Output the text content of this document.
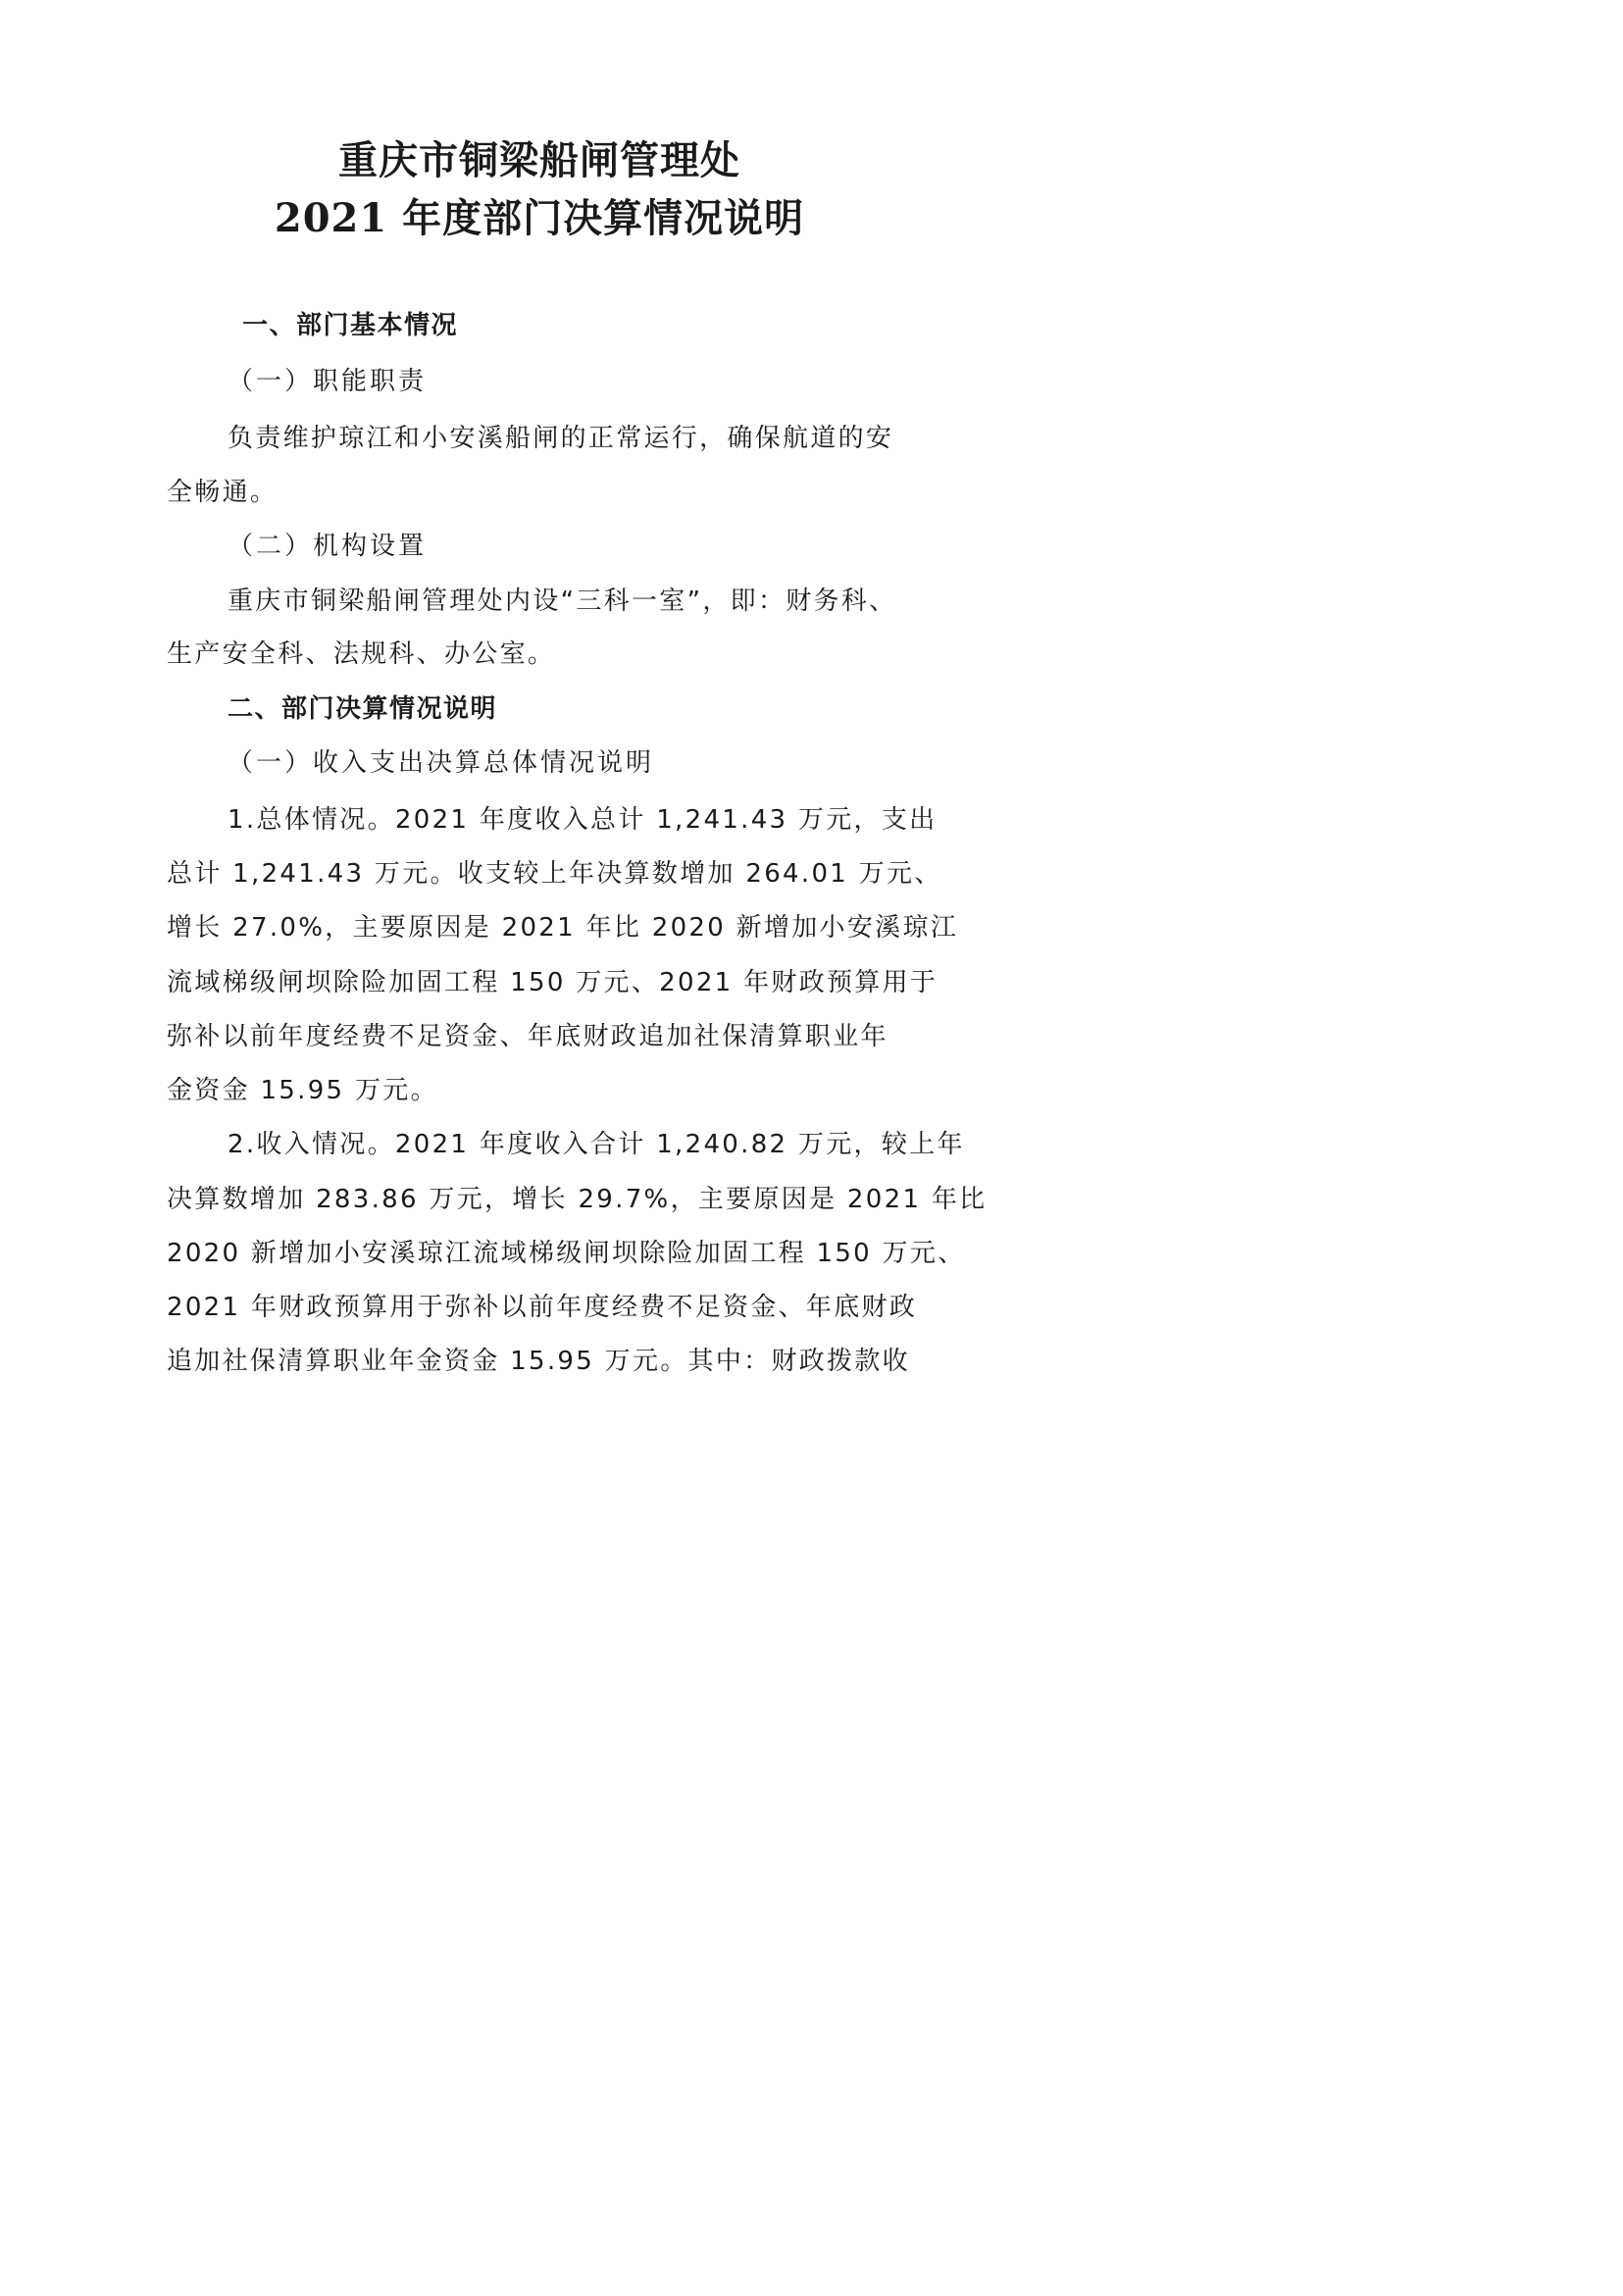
重庆市铜梁船闸管理处
2021 年度部门决算情况说明
一、部门基本情况
（一）职能职责
负责维护琼江和小安溪船闸的正常运行，确保航道的安
全畅通。
（二）机构设置
重庆市铜梁船闸管理处内设“三科一室”，即：财务科、
生产安全科、法规科、办公室。
二、部门决算情况说明
（一）收入支出决算总体情况说明
1.总体情况。2021 年度收入总计 1,241.43 万元，支出
总计 1,241.43 万元。收支较上年决算数增加 264.01 万元、
增长 27.0%，主要原因是 2021 年比 2020 新增加小安溪琼江
流域梯级闸坝除险加固工程 150 万元、2021 年财政预算用于
弥补以前年度经费不足资金、年底财政追加社保清算职业年
金资金 15.95 万元。
2.收入情况。2021 年度收入合计 1,240.82 万元，较上年
决算数增加 283.86 万元，增长 29.7%，主要原因是 2021 年比
2020 新增加小安溪琼江流域梯级闸坝除险加固工程 150 万元、
2021 年财政预算用于弥补以前年度经费不足资金、年底财政
追加社保清算职业年金资金 15.95 万元。其中：财政拨款收
